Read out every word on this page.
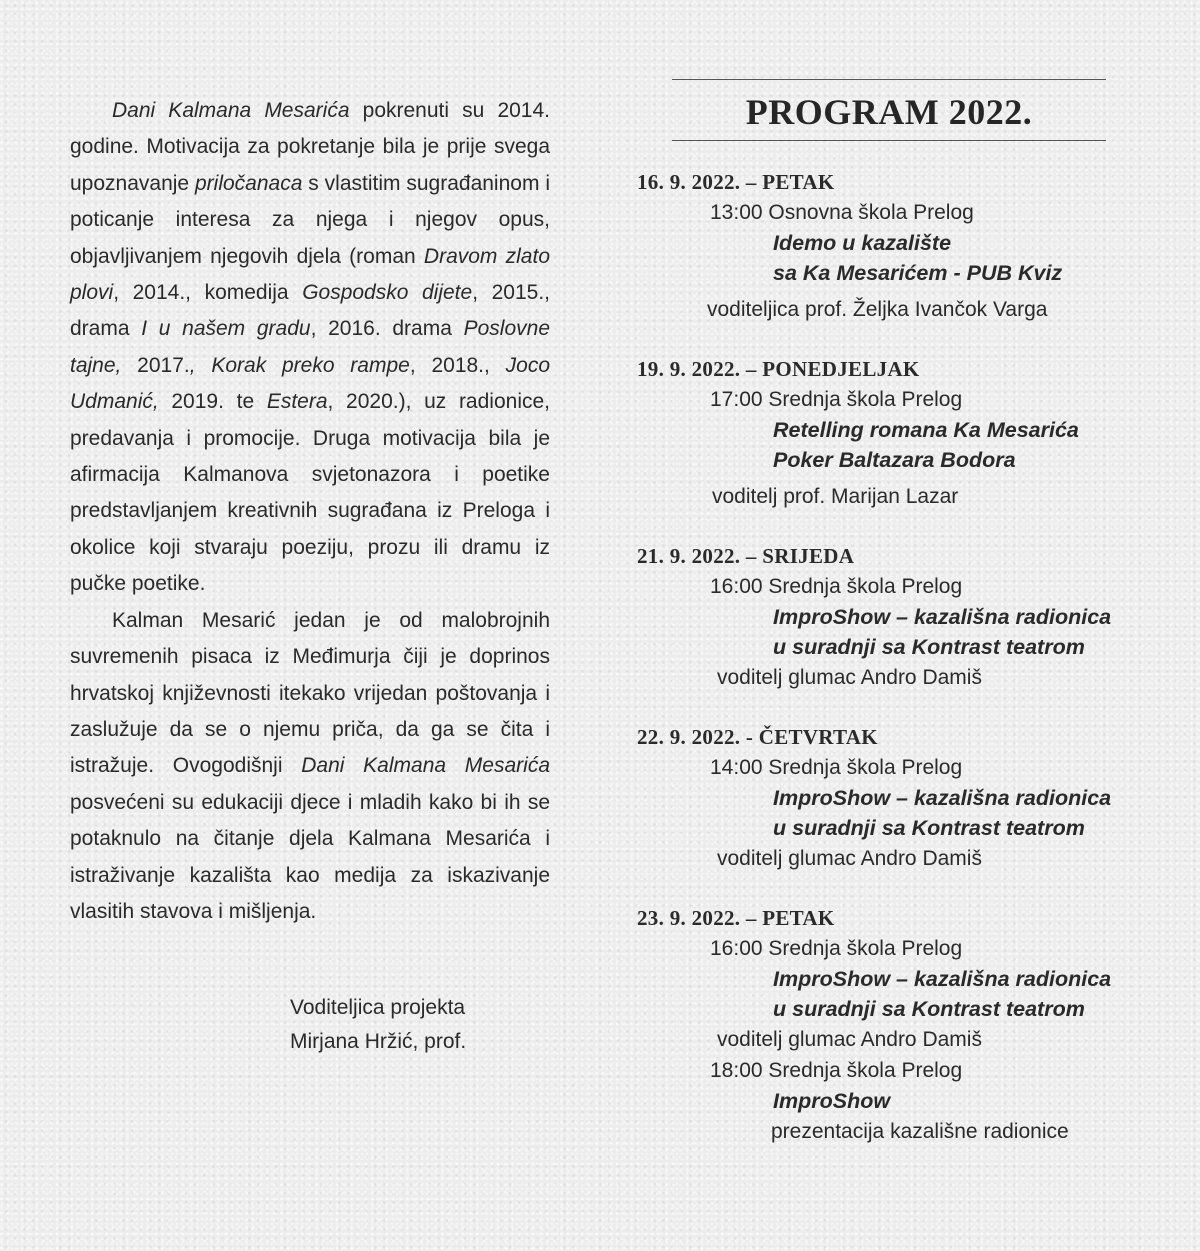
Dani Kalmana Mesarića pokrenuti su 2014. godine. Motivacija za pokretanje bila je prije svega upoznavanje priločanaca s vlastitim sugrađaninom i poticanje interesa za njega i njegov opus, objavljivanjem njegovih djela (roman Dravom zlato plovi, 2014., komedija Gospodsko dijete, 2015., drama I u našem gradu, 2016. drama Poslovne tajne, 2017., Korak preko rampe, 2018., Joco Udmanić, 2019. te Estera, 2020.), uz radionice, predavanja i promocije. Druga motivacija bila je afirmacija Kalmanova svjetonazora i poetike predstavljanjem kreativnih sugrađana iz Preloga i okolice koji stvaraju poeziju, prozu ili dramu iz pučke poetike.

Kalman Mesarić jedan je od malobrojnih suvremenih pisaca iz Međimurja čiji je doprinos hrvatskoj književnosti itekako vrijedan poštovanja i zaslužuje da se o njemu priča, da ga se čita i istražuje. Ovogodišnji Dani Kalmana Mesarića posvećeni su edukaciji djece i mladih kako bi ih se potaknulo na čitanje djela Kalmana Mesarića i istraživanje kazališta kao medija za iskazivanje vlasitih stavova i mišljenja.

Voditeljica projekta
Mirjana Hržić, prof.
PROGRAM 2022.
16. 9. 2022. – PETAK
13:00 Osnovna škola Prelog
Idemo u kazalište
sa Ka Mesarićem - PUB Kviz
voditeljica prof. Željka Ivančok Varga
19. 9. 2022. – PONEDJELJAK
17:00 Srednja škola Prelog
Retelling romana Ka Mesarića
Poker Baltazara Bodora
voditelj prof. Marijan Lazar
21. 9. 2022. – SRIJEDA
16:00 Srednja škola Prelog
ImproShow – kazališna radionica
u suradnji sa Kontrast teatrom
voditelj glumac Andro Damiš
22. 9. 2022. - ČETVRTAK
14:00 Srednja škola Prelog
ImproShow – kazališna radionica
u suradnji sa Kontrast teatrom
voditelj glumac Andro Damiš
23. 9. 2022. – PETAK
16:00 Srednja škola Prelog
ImproShow – kazališna radionica
u suradnji sa Kontrast teatrom
voditelj glumac Andro Damiš
18:00 Srednja škola Prelog
ImproShow
prezentacija kazališne radionice
